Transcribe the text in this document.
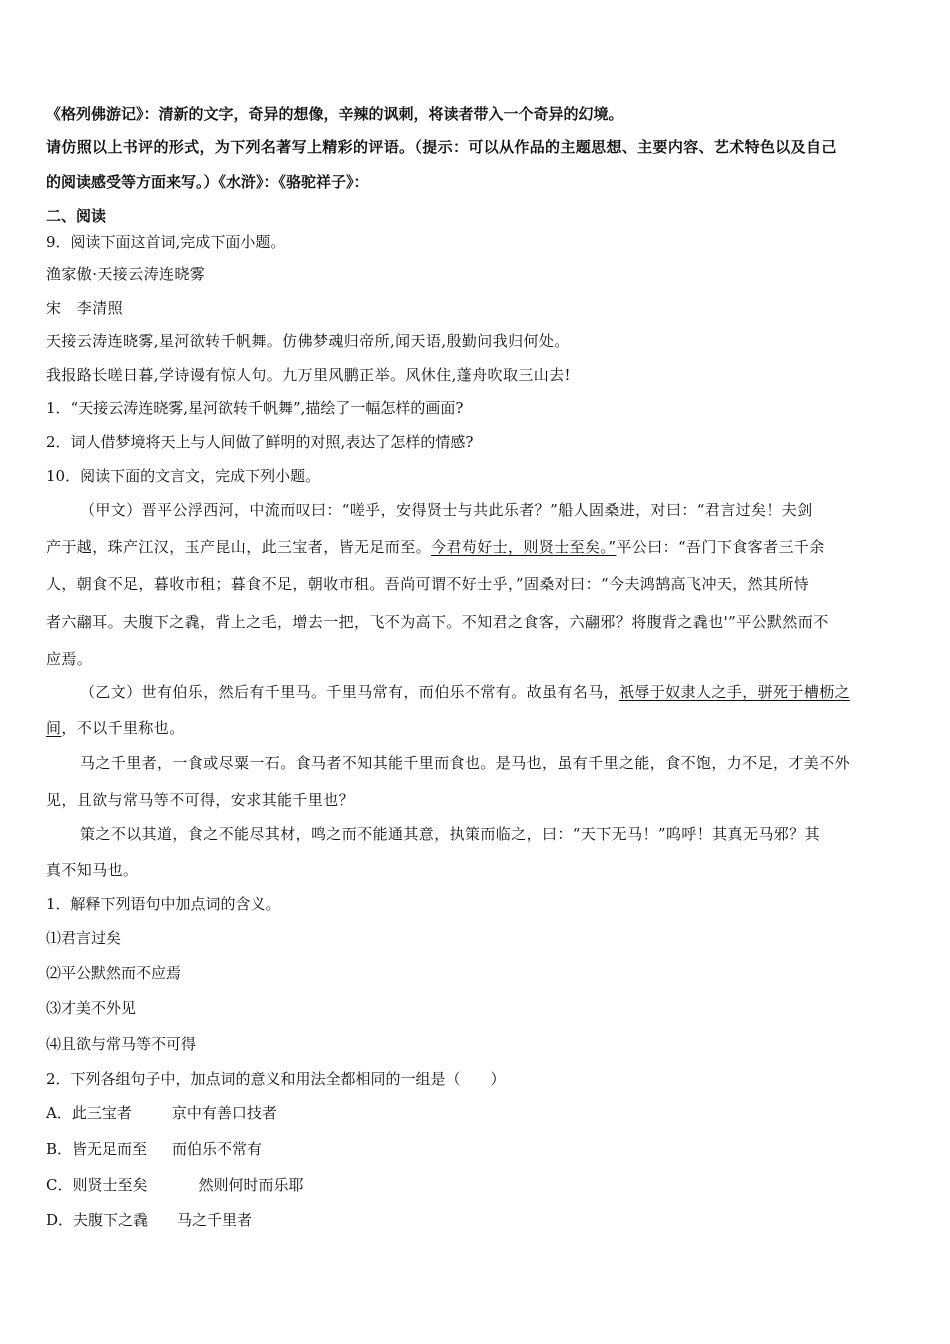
《格列佛游记》：清新的文字，奇异的想像，辛辣的讽刺，将读者带入一个奇异的幻境。
请仿照以上书评的形式，为下列名著写上精彩的评语。（提示：可以从作品的主题思想、主要内容、艺术特色以及自己
的阅读感受等方面来写。）《水浒》：《骆驼祥子》：
二、阅读
9．阅读下面这首词,完成下面小题。
渔家傲·天接云涛连晓雾
宋　李清照
天接云涛连晓雾,星河欲转千帆舞。仿佛梦魂归帝所,闻天语,殷勤问我归何处。
我报路长嗟日暮,学诗谩有惊人句。九万里风鹏正举。风休住,蓬舟吹取三山去!
1．“天接云涛连晓雾,星河欲转千帆舞”,描绘了一幅怎样的画面?
2．词人借梦境将天上与人间做了鲜明的对照,表达了怎样的情感?
10．阅读下面的文言文，完成下列小题。
（甲文）晋平公浮西河，中流而叹曰：“嗟乎，安得贤士与共此乐者？”船人固桑进，对曰：“君言过矣！夫剑
产于越，珠产江汉，玉产昆山，此三宝者，皆无足而至。今君苟好士，则贤士至矣。”平公曰：“吾门下食客者三千余
人，朝食不足，暮收市租；暮食不足，朝收市租。吾尚可谓不好士乎，”固桑对曰：“今夫鸿鹄高飞冲天，然其所恃
者六翮耳。夫腹下之毳，背上之毛，增去一把，飞不为高下。不知君之食客，六翮邪？将腹背之毳也'”平公默然而不
应焉。
（乙文）世有伯乐，然后有千里马。千里马常有，而伯乐不常有。故虽有名马，祇辱于奴隶人之手，骈死于槽枥之
间，不以千里称也。
马之千里者，一食或尽粟一石。食马者不知其能千里而食也。是马也，虽有千里之能，食不饱，力不足，才美不外
见，且欲与常马等不可得，安求其能千里也？
策之不以其道，食之不能尽其材，鸣之而不能通其意，执策而临之，曰：“天下无马！”呜呼！其真无马邪？其
真不知马也。
1．解释下列语句中加点词的含义。
⑴君言过矣
⑵平公默然而不应焉
⑶才美不外见
⑷且欲与常马等不可得
2．下列各组句子中，加点词的意义和用法全都相同的一组是（　　）
A．此三宝者	京中有善口技者
B．皆无足而至 而伯乐不常有
C．则贤士至矣	然则何时而乐耶
D．夫腹下之毳 马之千里者
